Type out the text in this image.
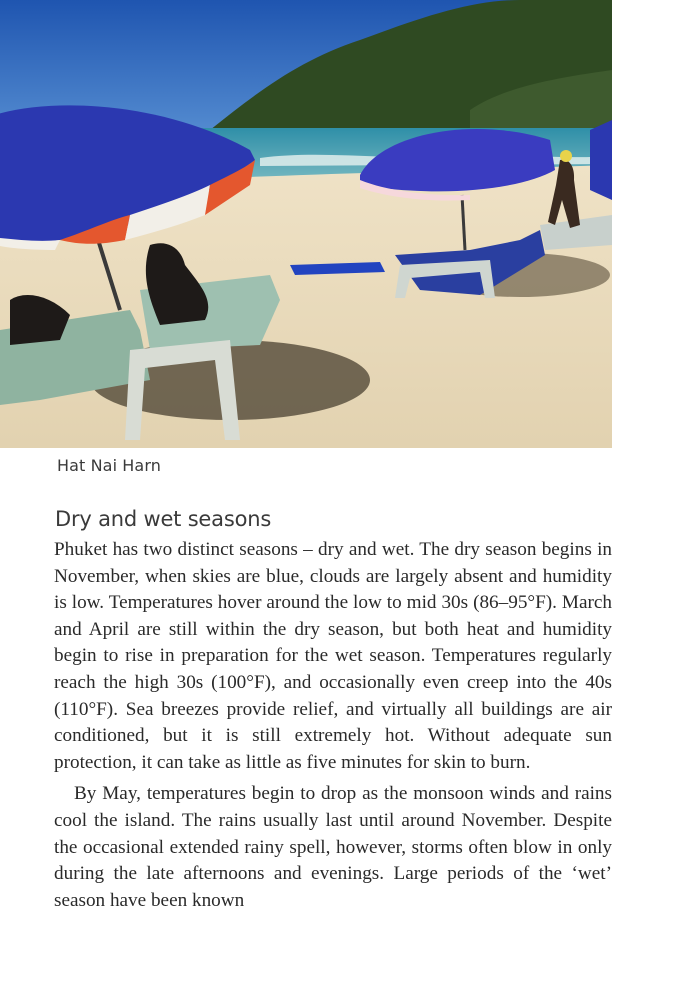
Hat Nai Harn
Dry and wet seasons

Phuket has two distinct seasons – dry and wet. The dry season begins in November, when skies are blue, clouds are largely absent and humidity is low. Temperatures hover around the low to mid 30s (86–95°F). March and April are still within the dry season, but both heat and humidity begin to rise in preparation for the wet season. Temperatures regularly reach the high 30s (100°F), and occasionally even creep into the 40s (110°F). Sea breezes provide relief, and virtually all buildings are air conditioned, but it is still extremely hot. Without adequate sun protection, it can take as little as five minutes for skin to burn.

By May, temperatures begin to drop as the monsoon winds and rains cool the island. The rains usually last until around November. Despite the occasional extended rainy spell, however, storms often blow in only during the late afternoons and evenings. Large periods of the ‘wet’ season have been known
